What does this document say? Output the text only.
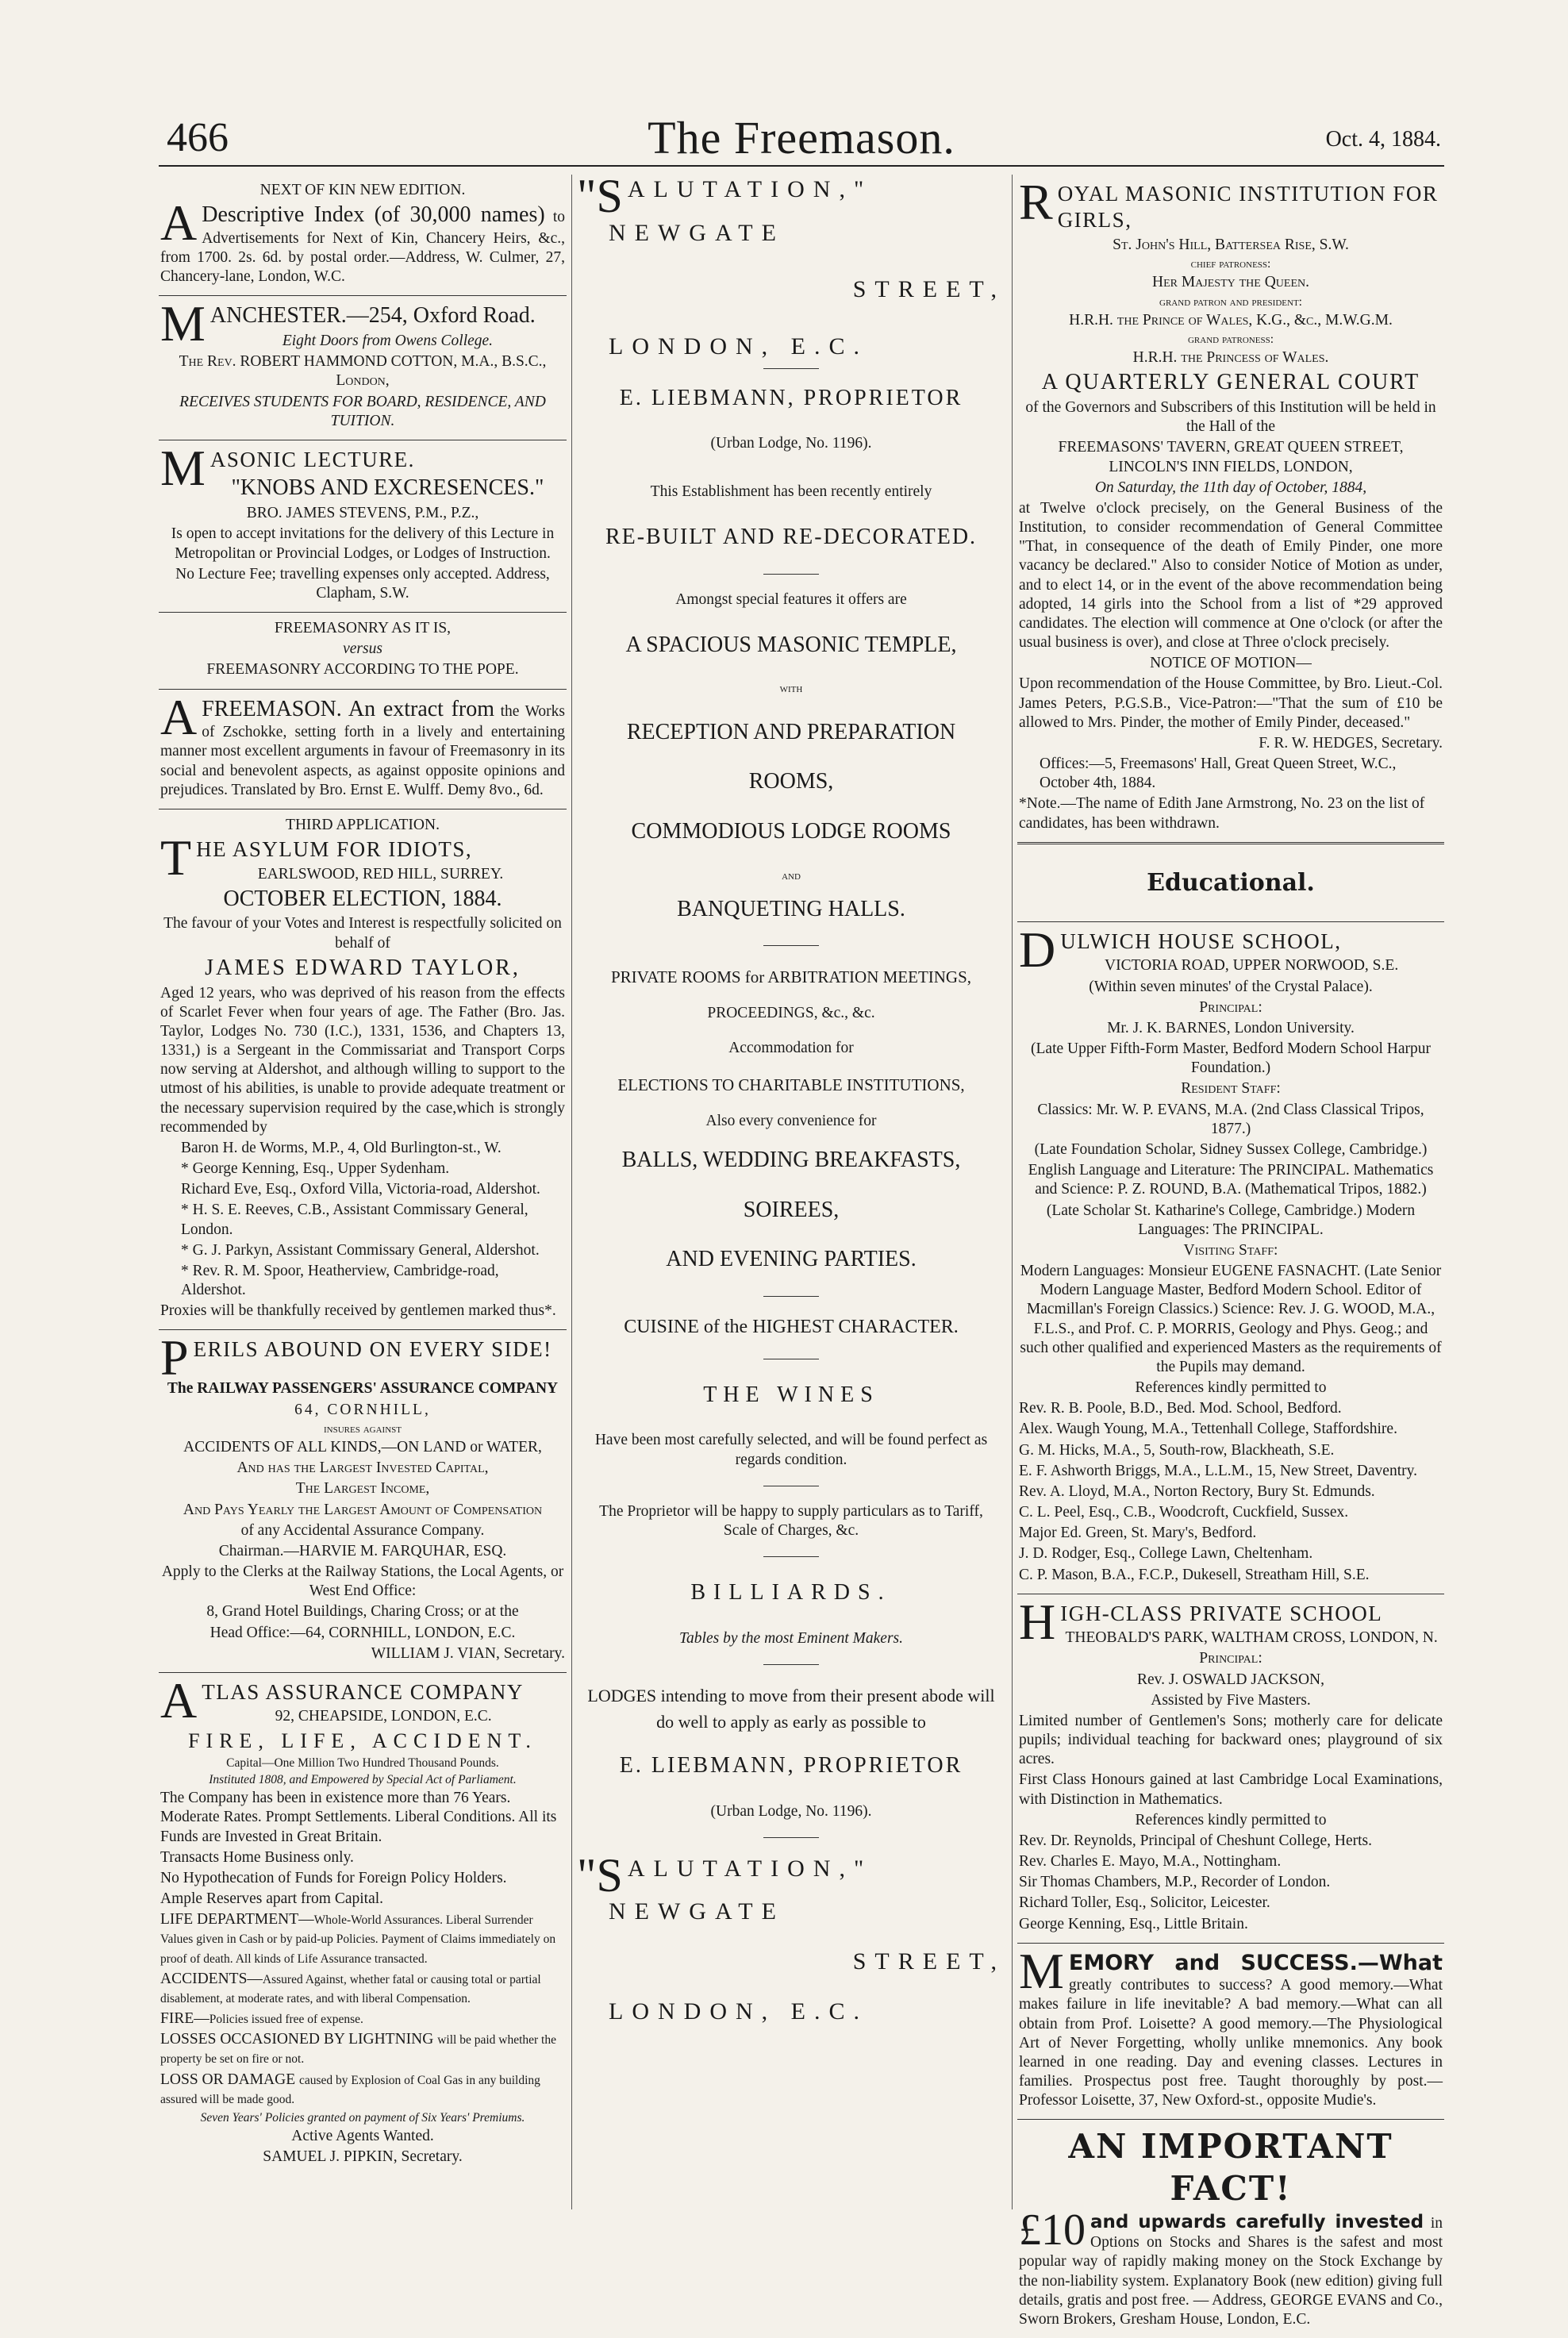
466	The Freemason.	Oct. 4, 1884.

NEXT OF KIN NEW EDITION.

A Descriptive Index (of 30,000 names) to Advertisements for Next of Kin, Chancery Heirs, &c., from 1700. 2s. 6d. by postal order.—Address, W. Culmer, 27, Chancery-lane, London, W.C.

MANCHESTER.—254, Oxford Road.

Eight Doors from Owens College.

The Rev. ROBERT HAMMOND COTTON, M.A., B.S.C., London,

RECEIVES STUDENTS FOR BOARD, RESIDENCE, AND TUITION.

MASONIC LECTURE.

"KNOBS AND EXCRESENCES."

BRO. JAMES STEVENS, P.M., P.Z.,

Is open to accept invitations for the delivery of this Lecture in Metropolitan or Provincial Lodges, or Lodges of Instruction.

No Lecture Fee; travelling expenses only accepted. Address, Clapham, S.W.

FREEMASONRY AS IT IS,

versus

FREEMASONRY ACCORDING TO THE POPE.

AFREEMASON. An extract from the Works of Zschokke, setting forth in a lively and entertaining manner most excellent arguments in favour of Freemasonry in its social and benevolent aspects, as against opposite opinions and prejudices. Translated by Bro. Ernst E. Wulff. Demy 8vo., 6d.

THIRD APPLICATION.

THE ASYLUM FOR IDIOTS,

EARLSWOOD, RED HILL, SURREY.

OCTOBER ELECTION, 1884.

The favour of your Votes and Interest is respectfully solicited on behalf of

JAMES EDWARD TAYLOR,

Aged 12 years, who was deprived of his reason from the effects of Scarlet Fever when four years of age. The Father (Bro. Jas. Taylor, Lodges No. 730 (I.C.), 1331, 1536, and Chapters 13, 1331,) is a Sergeant in the Commissariat and Transport Corps now serving at Aldershot, and although willing to support to the utmost of his abilities, is unable to provide adequate treatment or the necessary supervision required by the case,which is strongly recommended by

Baron H. de Worms, M.P., 4, Old Burlington-st., W.

* George Kenning, Esq., Upper Sydenham.

Richard Eve, Esq., Oxford Villa, Victoria-road, Aldershot.

* H. S. E. Reeves, C.B., Assistant Commissary General, London.

* G. J. Parkyn, Assistant Commissary General, Aldershot.

* Rev. R. M. Spoor, Heatherview, Cambridge-road, Aldershot.

Proxies will be thankfully received by gentlemen marked thus*.

PERILS ABOUND ON EVERY SIDE!

The RAILWAY PASSENGERS' ASSURANCE COMPANY

64, CORNHILL,

insures against

ACCIDENTS OF ALL KINDS,—ON LAND or WATER,

And has the Largest Invested Capital,

The Largest Income,

And Pays Yearly the Largest Amount of Compensation

of any Accidental Assurance Company.

Chairman.—HARVIE M. FARQUHAR, ESQ.

Apply to the Clerks at the Railway Stations, the Local Agents, or West End Office:

8, Grand Hotel Buildings, Charing Cross; or at the

Head Office:—64, CORNHILL, LONDON, E.C.

WILLIAM J. VIAN, Secretary.

ATLAS ASSURANCE COMPANY

92, CHEAPSIDE, LONDON, E.C.

FIRE, LIFE, ACCIDENT.

Capital—One Million Two Hundred Thousand Pounds.

Instituted 1808, and Empowered by Special Act of Parliament.

The Company has been in existence more than 76 Years. Moderate Rates. Prompt Settlements. Liberal Conditions. All its Funds are Invested in Great Britain.

Transacts Home Business only.

No Hypothecation of Funds for Foreign Policy Holders.

Ample Reserves apart from Capital.

LIFE DEPARTMENT—Whole-World Assurances. Liberal Surrender Values given in Cash or by paid-up Policies. Payment of Claims immediately on proof of death. All kinds of Life Assurance transacted.

ACCIDENTS—Assured Against, whether fatal or causing total or partial disablement, at moderate rates, and with liberal Compensation.

FIRE—Policies issued free of expense.

LOSSES OCCASIONED BY LIGHTNING will be paid whether the property be set on fire or not.

LOSS OR DAMAGE caused by Explosion of Coal Gas in any building assured will be made good.

Seven Years' Policies granted on payment of Six Years' Premiums.

Active Agents Wanted.

SAMUEL J. PIPKIN, Secretary.

"SALUTATION,"

NEWGATE

STREET,

LONDON, E.C.

E. LIEBMANN, PROPRIETOR

(Urban Lodge, No. 1196).

This Establishment has been recently entirely

RE-BUILT AND RE-DECORATED.

Amongst special features it offers are

A SPACIOUS MASONIC TEMPLE,

with

RECEPTION AND PREPARATION

ROOMS,

COMMODIOUS LODGE ROOMS

and

BANQUETING HALLS.

PRIVATE ROOMS for ARBITRATION MEETINGS,

PROCEEDINGS, &c., &c.

Accommodation for

ELECTIONS TO CHARITABLE INSTITUTIONS,

Also every convenience for

BALLS, WEDDING BREAKFASTS,

SOIREES,

AND EVENING PARTIES.

CUISINE of the HIGHEST CHARACTER.

THE WINES

Have been most carefully selected, and will be found perfect as regards condition.

The Proprietor will be happy to supply particulars as to Tariff, Scale of Charges, &c.

BILLIARDS.

Tables by the most Eminent Makers.

LODGES intending to move from their present abode will do well to apply as early as possible to

E. LIEBMANN, PROPRIETOR

(Urban Lodge, No. 1196).

"SALUTATION,"

NEWGATE

STREET,

LONDON, E.C.

ROYAL MASONIC INSTITUTION FOR GIRLS,

St. John's Hill, Battersea Rise, S.W.

chief patroness:

Her Majesty the Queen.

grand patron and president:

H.R.H. the Prince of Wales, K.G., &c., M.W.G.M.

grand patroness:

H.R.H. the Princess of Wales.

A QUARTERLY GENERAL COURT

of the Governors and Subscribers of this Institution will be held in the Hall of the

FREEMASONS' TAVERN, GREAT QUEEN STREET, LINCOLN'S INN FIELDS, LONDON,

On Saturday, the 11th day of October, 1884,

at Twelve o'clock precisely, on the General Business of the Institution, to consider recommendation of General Committee "That, in consequence of the death of Emily Pinder, one more vacancy be declared." Also to consider Notice of Motion as under, and to elect 14, or in the event of the above recommendation being adopted, 14 girls into the School from a list of *29 approved candidates. The election will commence at One o'clock (or after the usual business is over), and close at Three o'clock precisely.

NOTICE OF MOTION—

Upon recommendation of the House Committee, by Bro. Lieut.-Col. James Peters, P.G.S.B., Vice-Patron:—"That the sum of £10 be allowed to Mrs. Pinder, the mother of Emily Pinder, deceased."

F. R. W. HEDGES, Secretary.

Offices:—5, Freemasons' Hall, Great Queen Street, W.C., October 4th, 1884.

*Note.—The name of Edith Jane Armstrong, No. 23 on the list of candidates, has been withdrawn.

Educational.

DULWICH HOUSE SCHOOL,

VICTORIA ROAD, UPPER NORWOOD, S.E.

(Within seven minutes' of the Crystal Palace).

Principal:

Mr. J. K. BARNES, London University.

(Late Upper Fifth-Form Master, Bedford Modern School Harpur Foundation.)

Resident Staff:

Classics: Mr. W. P. EVANS, M.A. (2nd Class Classical Tripos, 1877.)

(Late Foundation Scholar, Sidney Sussex College, Cambridge.)

English Language and Literature: The PRINCIPAL. Mathematics and Science: P. Z. ROUND, B.A. (Mathematical Tripos, 1882.)

(Late Scholar St. Katharine's College, Cambridge.) Modern Languages: The PRINCIPAL.

Visiting Staff:

Modern Languages: Monsieur EUGENE FASNACHT. (Late Senior Modern Language Master, Bedford Modern School. Editor of Macmillan's Foreign Classics.) Science: Rev. J. G. WOOD, M.A., F.L.S., and Prof. C. P. MORRIS, Geology and Phys. Geog.; and such other qualified and experienced Masters as the requirements of the Pupils may demand.

References kindly permitted to

Rev. R. B. Poole, B.D., Bed. Mod. School, Bedford.

Alex. Waugh Young, M.A., Tettenhall College, Staffordshire.

G. M. Hicks, M.A., 5, South-row, Blackheath, S.E.

E. F. Ashworth Briggs, M.A., L.L.M., 15, New Street, Daventry.

Rev. A. Lloyd, M.A., Norton Rectory, Bury St. Edmunds.

C. L. Peel, Esq., C.B., Woodcroft, Cuckfield, Sussex.

Major Ed. Green, St. Mary's, Bedford.

J. D. Rodger, Esq., College Lawn, Cheltenham.

C. P. Mason, B.A., F.C.P., Dukesell, Streatham Hill, S.E.

HIGH-CLASS PRIVATE SCHOOL

THEOBALD'S PARK, WALTHAM CROSS, LONDON, N.

Principal:

Rev. J. OSWALD JACKSON,

Assisted by Five Masters.

Limited number of Gentlemen's Sons; motherly care for delicate pupils; individual teaching for backward ones; playground of six acres.

First Class Honours gained at last Cambridge Local Examinations, with Distinction in Mathematics.

References kindly permitted to

Rev. Dr. Reynolds, Principal of Cheshunt College, Herts.

Rev. Charles E. Mayo, M.A., Nottingham.

Sir Thomas Chambers, M.P., Recorder of London.

Richard Toller, Esq., Solicitor, Leicester.

George Kenning, Esq., Little Britain.

MEMORY and SUCCESS.—What greatly contributes to success? A good memory.—What makes failure in life inevitable? A bad memory.—What can all obtain from Prof. Loisette? A good memory.—The Physiological Art of Never Forgetting, wholly unlike mnemonics. Any book learned in one reading. Day and evening classes. Lectures in families. Prospectus post free. Taught thoroughly by post.—Professor Loisette, 37, New Oxford-st., opposite Mudie's.

AN IMPORTANT FACT!

£10 and upwards carefully invested in Options on Stocks and Shares is the safest and most popular way of rapidly making money on the Stock Exchange by the non-liability system. Explanatory Book (new edition) giving full details, gratis and post free. — Address, GEORGE EVANS and Co., Sworn Brokers, Gresham House, London, E.C.
